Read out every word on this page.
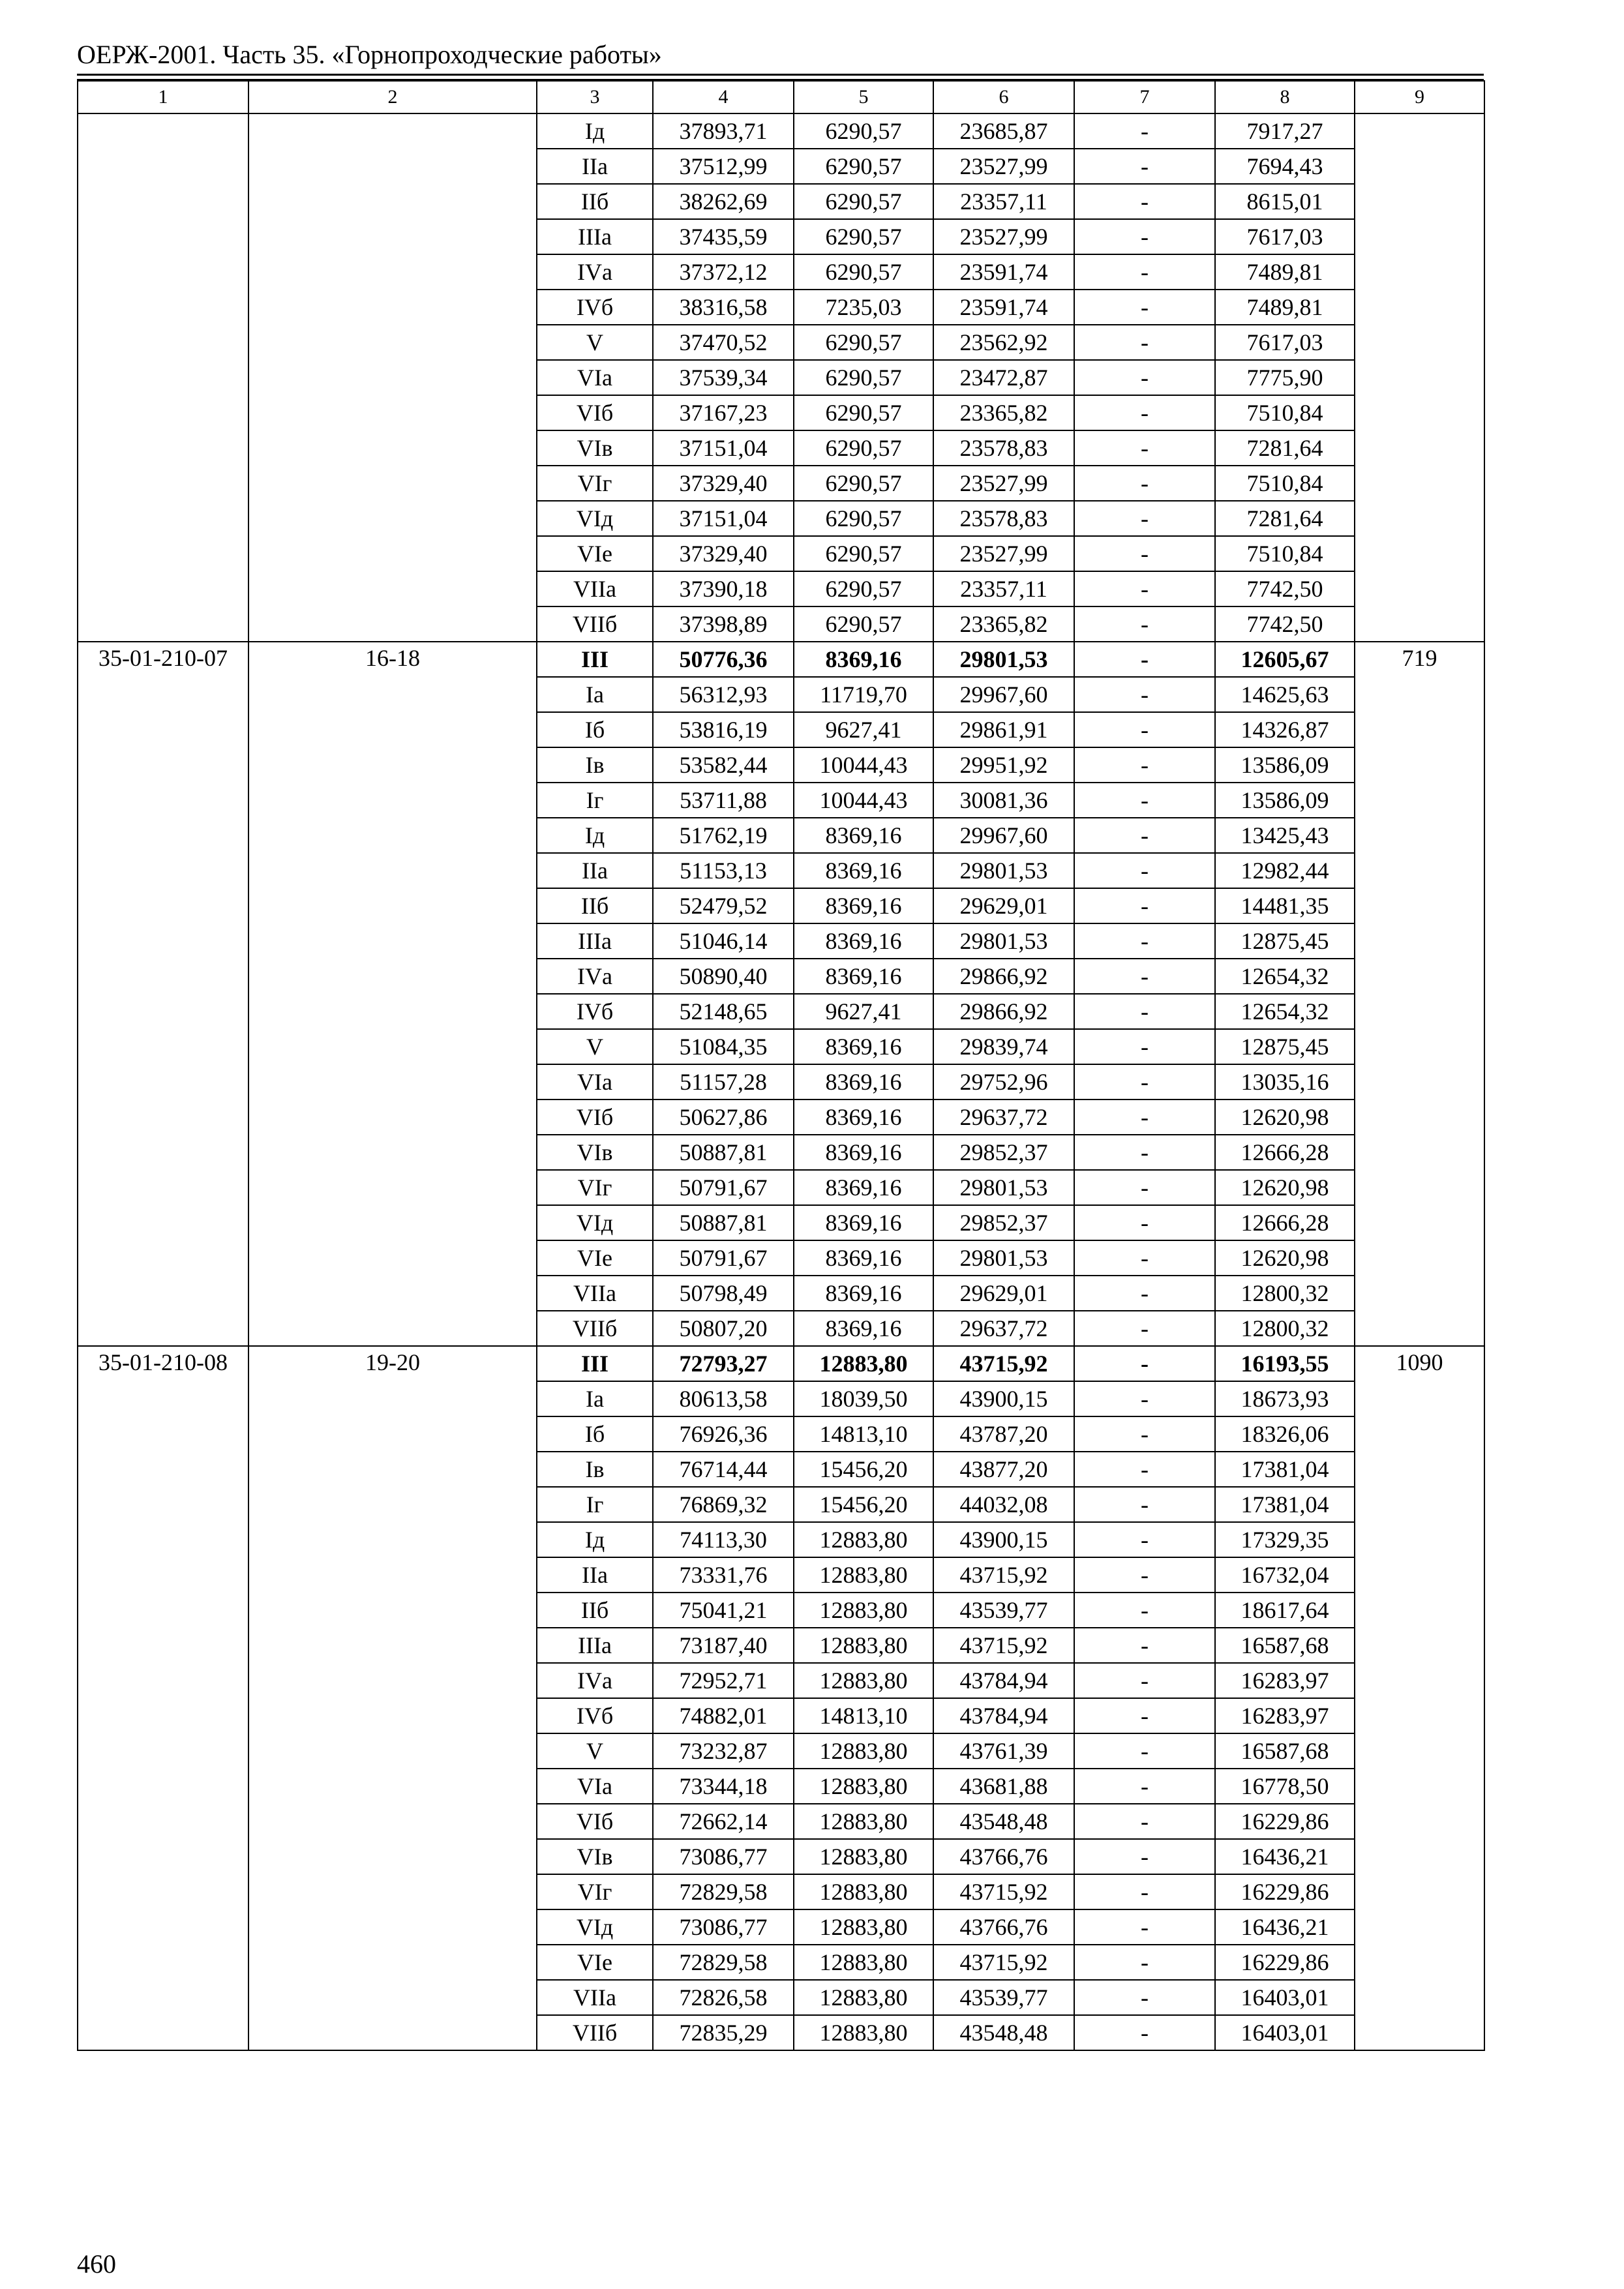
ОЕРЖ-2001. Часть 35. «Горнопроходческие работы»
1	2	3	4	5	6	7	8	9
		Iд	37893,71	6290,57	23685,87	-	7917,27	
		IIа	37512,99	6290,57	23527,99	-	7694,43	
		IIб	38262,69	6290,57	23357,11	-	8615,01	
		IIIа	37435,59	6290,57	23527,99	-	7617,03	
		IVа	37372,12	6290,57	23591,74	-	7489,81	
		IVб	38316,58	7235,03	23591,74	-	7489,81	
		V	37470,52	6290,57	23562,92	-	7617,03	
		VIа	37539,34	6290,57	23472,87	-	7775,90	
		VIб	37167,23	6290,57	23365,82	-	7510,84	
		VIв	37151,04	6290,57	23578,83	-	7281,64	
		VIг	37329,40	6290,57	23527,99	-	7510,84	
		VIд	37151,04	6290,57	23578,83	-	7281,64	
		VIе	37329,40	6290,57	23527,99	-	7510,84	
		VIIа	37390,18	6290,57	23357,11	-	7742,50	
		VIIб	37398,89	6290,57	23365,82	-	7742,50	
35-01-210-07	16-18	III	50776,36	8369,16	29801,53	-	12605,67	719
		Iа	56312,93	11719,70	29967,60	-	14625,63	
		Iб	53816,19	9627,41	29861,91	-	14326,87	
		Iв	53582,44	10044,43	29951,92	-	13586,09	
		Iг	53711,88	10044,43	30081,36	-	13586,09	
		Iд	51762,19	8369,16	29967,60	-	13425,43	
		IIа	51153,13	8369,16	29801,53	-	12982,44	
		IIб	52479,52	8369,16	29629,01	-	14481,35	
		IIIа	51046,14	8369,16	29801,53	-	12875,45	
		IVа	50890,40	8369,16	29866,92	-	12654,32	
		IVб	52148,65	9627,41	29866,92	-	12654,32	
		V	51084,35	8369,16	29839,74	-	12875,45	
		VIа	51157,28	8369,16	29752,96	-	13035,16	
		VIб	50627,86	8369,16	29637,72	-	12620,98	
		VIв	50887,81	8369,16	29852,37	-	12666,28	
		VIг	50791,67	8369,16	29801,53	-	12620,98	
		VIд	50887,81	8369,16	29852,37	-	12666,28	
		VIе	50791,67	8369,16	29801,53	-	12620,98	
		VIIа	50798,49	8369,16	29629,01	-	12800,32	
		VIIб	50807,20	8369,16	29637,72	-	12800,32	
35-01-210-08	19-20	III	72793,27	12883,80	43715,92	-	16193,55	1090
		Iа	80613,58	18039,50	43900,15	-	18673,93	
		Iб	76926,36	14813,10	43787,20	-	18326,06	
		Iв	76714,44	15456,20	43877,20	-	17381,04	
		Iг	76869,32	15456,20	44032,08	-	17381,04	
		Iд	74113,30	12883,80	43900,15	-	17329,35	
		IIа	73331,76	12883,80	43715,92	-	16732,04	
		IIб	75041,21	12883,80	43539,77	-	18617,64	
		IIIа	73187,40	12883,80	43715,92	-	16587,68	
		IVа	72952,71	12883,80	43784,94	-	16283,97	
		IVб	74882,01	14813,10	43784,94	-	16283,97	
		V	73232,87	12883,80	43761,39	-	16587,68	
		VIа	73344,18	12883,80	43681,88	-	16778,50	
		VIб	72662,14	12883,80	43548,48	-	16229,86	
		VIв	73086,77	12883,80	43766,76	-	16436,21	
		VIг	72829,58	12883,80	43715,92	-	16229,86	
		VIд	73086,77	12883,80	43766,76	-	16436,21	
		VIе	72829,58	12883,80	43715,92	-	16229,86	
		VIIа	72826,58	12883,80	43539,77	-	16403,01	
		VIIб	72835,29	12883,80	43548,48	-	16403,01	
460
